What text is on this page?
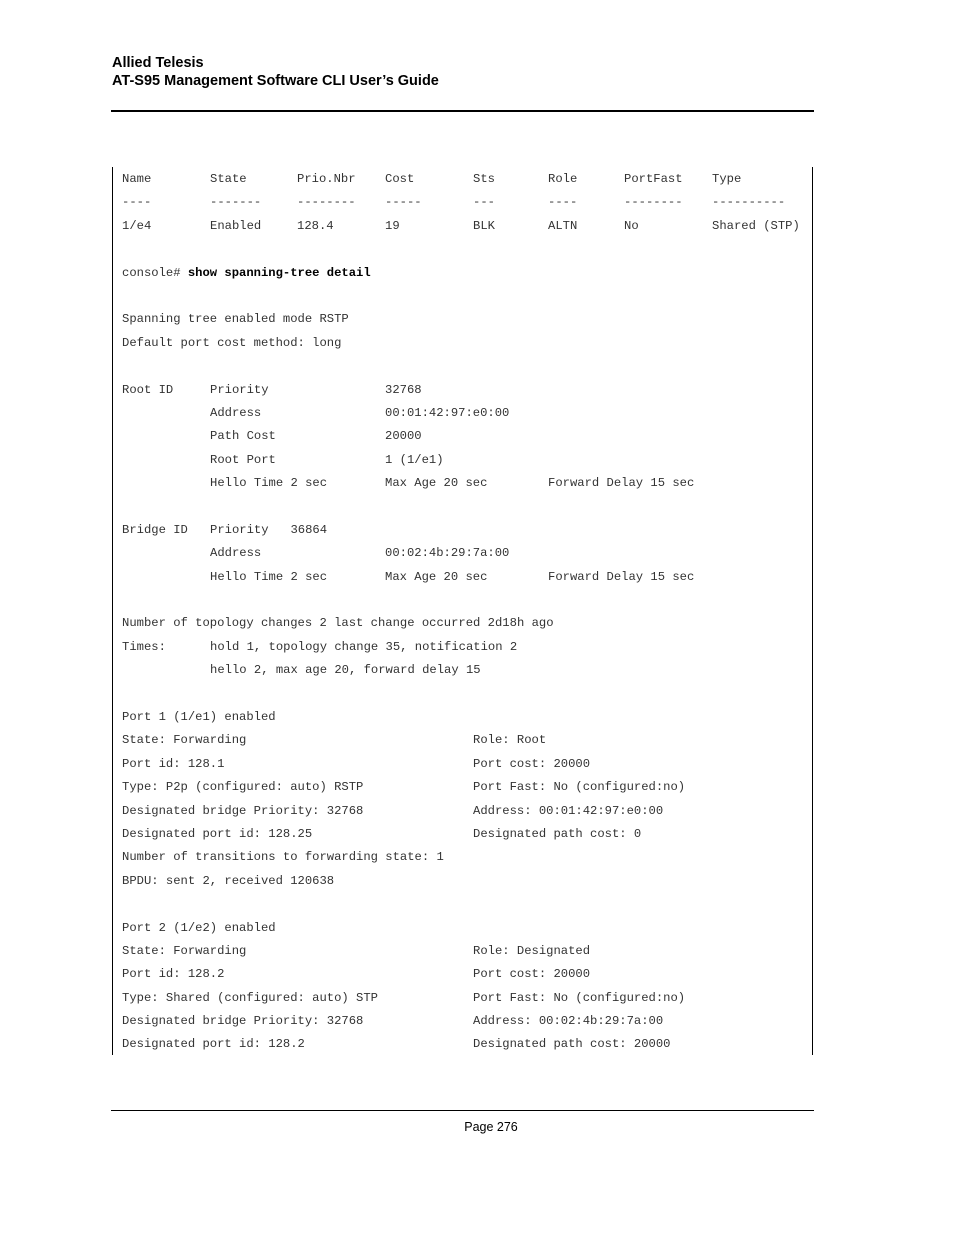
Allied Telesis
AT-S95 Management Software CLI User’s Guide
Name	State	Prio.Nbr Cost	Sts	Role	PortFast Type
----	-------	-------- -----	---	----	-------- ----------
1/e4	Enabled	128.4	19	BLK	ALTN	No	Shared (STP)
console# show spanning-tree detail
Spanning tree enabled mode RSTP
Default port cost method: long
Root ID	Priority	32768
Address	00:01:42:97:e0:00
Path Cost	20000
Root Port	1 (1/e1)
Hello Time 2 sec	Max Age 20 sec	Forward Delay 15 sec
Bridge ID Priority   36864
Address	00:02:4b:29:7a:00
Hello Time 2 sec	Max Age 20 sec	Forward Delay 15 sec
Number of topology changes 2 last change occurred 2d18h ago
Times:	hold 1, topology change 35, notification 2
hello 2, max age 20, forward delay 15
Port 1 (1/e1) enabled
State: Forwarding	Role: Root
Port id: 128.1	Port cost: 20000
Type: P2p (configured: auto) RSTP	Port Fast: No (configured:no)
Designated bridge Priority: 32768	Address: 00:01:42:97:e0:00
Designated port id: 128.25	Designated path cost: 0
Number of transitions to forwarding state: 1
BPDU: sent 2, received 120638
Port 2 (1/e2) enabled
State: Forwarding	Role: Designated
Port id: 128.2	Port cost: 20000
Type: Shared (configured: auto) STP	Port Fast: No (configured:no)
Designated bridge Priority: 32768	Address: 00:02:4b:29:7a:00
Designated port id: 128.2	Designated path cost: 20000
Page 276
